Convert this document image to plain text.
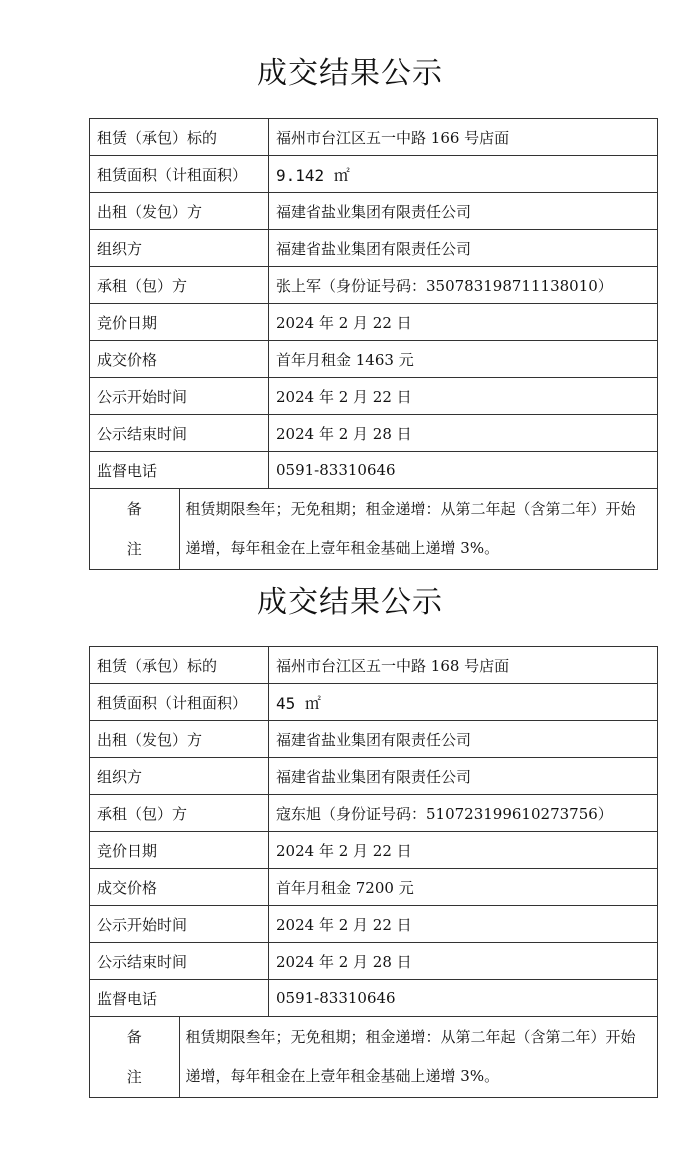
成交结果公示
租赁（承包）标的		福州市台江区五一中路 166 号店面
租赁面积（计租面积）		9.142 ㎡
出租（发包）方		福建省盐业集团有限责任公司
组织方		福建省盐业集团有限责任公司
承租（包）方		张上军（身份证号码：350783198711138010）
竞价日期		2024 年 2 月 22 日
成交价格		首年月租金 1463 元
公示开始时间		2024 年 2 月 22 日
公示结束时间		2024 年 2 月 28 日
监督电话		0591-83310646

备
注	租赁期限叁年；无免租期；租金递增：从第二年起（含第二年）开始递增，每年租金在上壹年租金基础上递增 3%。	
成交结果公示
租赁（承包）标的		福州市台江区五一中路 168 号店面
租赁面积（计租面积）		45 ㎡
出租（发包）方		福建省盐业集团有限责任公司
组织方		福建省盐业集团有限责任公司
承租（包）方		寇东旭（身份证号码：510723199610273756）
竞价日期		2024 年 2 月 22 日
成交价格		首年月租金 7200 元
公示开始时间		2024 年 2 月 22 日
公示结束时间		2024 年 2 月 28 日
监督电话		0591-83310646

备
注	租赁期限叁年；无免租期；租金递增：从第二年起（含第二年）开始递增，每年租金在上壹年租金基础上递增 3%。	
